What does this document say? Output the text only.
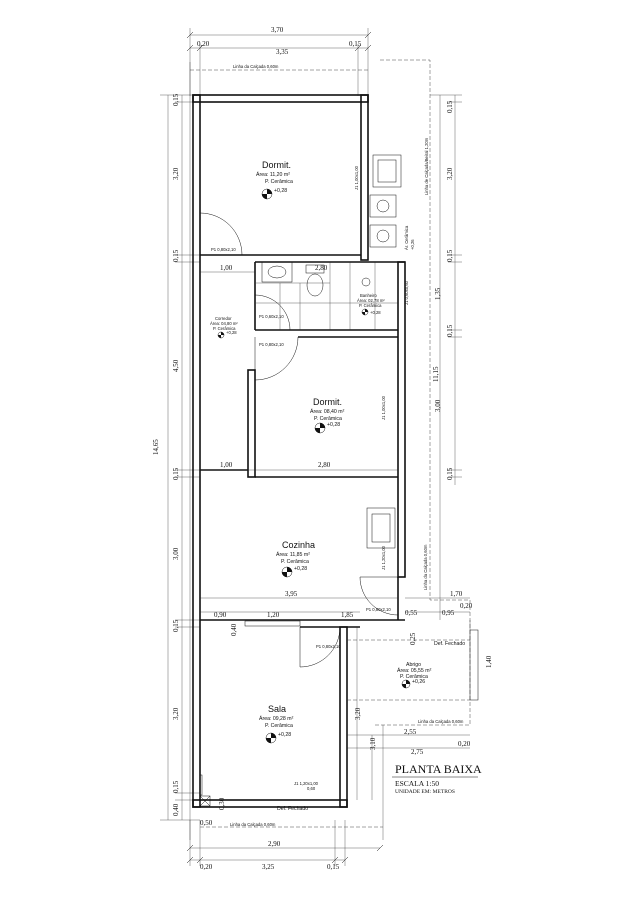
3,70
0,20
3,35
0,15
2,90
0,20	3,25	0,15
14,65
0,15
3,20
0,15
4,50
0,15
3,00
0,15
3,20
0,15
0,40
11,15
0,15
3,20
0,15
1,35
0,15
3,00
0,15
Linha da Calçada 0,60m
Linha de Calçada/Beiral 1,20m
Linha da Calçada 0,60m
Linha da Calçada 0,60m
Linha da Calçada 0,60m
Def. Fechado
1,00	2,80
1,00	2,80
3,95	1,70
0,20
0,95
0,55
0,90	1,20	1,85
0,40
0,25
1,40
3,20
3,10
2,55
2,75
0,20
0,50
0,30
Dormit.
Área: 11,20 m²
P. Cerâmica
+0,28
Corredor
Área: 04,80 m²
P. Cerâmica
+0,28
Banheiro
Área: 02,78 m²
P. Cerâmica
+0,28
Dormit.
Área: 08,40 m²
P. Cerâmica
+0,28
Cozinha
Área: 11,85 m²
P. Cerâmica
+0,28
Abrigo
Área: 05,55 m²
P. Cerâmica
+0,26
Sala
Área: 09,28 m²
P. Cerâmica
+0,28
P1 0,80x2,10
P1 0,60x2,10
P1 0,80x2,10
P1 0,80x2,10
P1 0,80x2,10
J1 1,20x1,00
0,60
J1 1,00x1,00
J1 0,60x0,60
J1 1,00x1,00
J1 1,20x1,00
Ár. Cerâmica +0,26
Def. Fechado
PLANTA BAIXA
ESCALA 1:50
UNIDADE EM: METROS
